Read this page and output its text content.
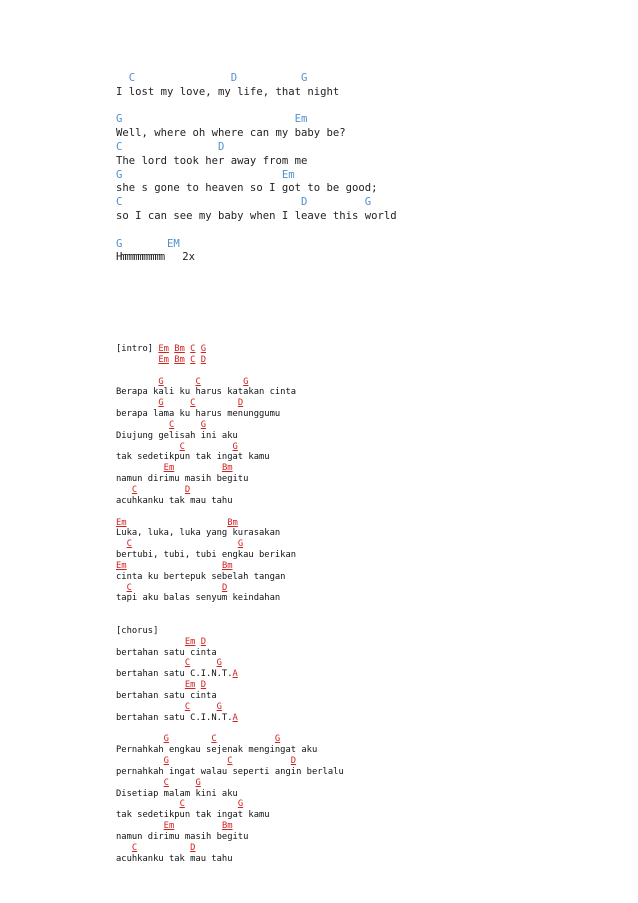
C               D          G
I lost my love, my life, that night
G                           Em
Well, where oh where can my baby be?
C               D
The lord took her away from me
G                         Em
she s gone to heaven so I got to be good;
C                            D         G
so I can see my baby when I leave this world
G       EM
Hmmmmmmmmmm 2x
[intro] Em Bm C G
Em Bm C D
G	C	G
Berapa kali ku harus katakan cinta
G	C	D
berapa lama ku harus menunggumu
C	G
Diujung gelisah ini aku
C	G
tak sedetikpun tak ingat kamu
Em	Bm
namun dirimu masih begitu
C	D
acuhkanku tak mau tahu
Em	Bm
Luka, luka, luka yang kurasakan
C	G
bertubi, tubi, tubi engkau berikan
Em	Bm
cinta ku bertepuk sebelah tangan
C	D
tapi aku balas senyum keindahan
[chorus]
Em D
bertahan satu cinta
C	G
bertahan satu C.I.N.T.A
Em D
bertahan satu cinta
C	G
bertahan satu C.I.N.T.A
G	C	G
Pernahkah engkau sejenak mengingat aku
G	C	D
pernahkah ingat walau seperti angin berlalu
C	G
Disetiap malam kini aku
C	G
tak sedetikpun tak ingat kamu
Em	Bm
namun dirimu masih begitu
C	D
acuhkanku tak mau tahu
